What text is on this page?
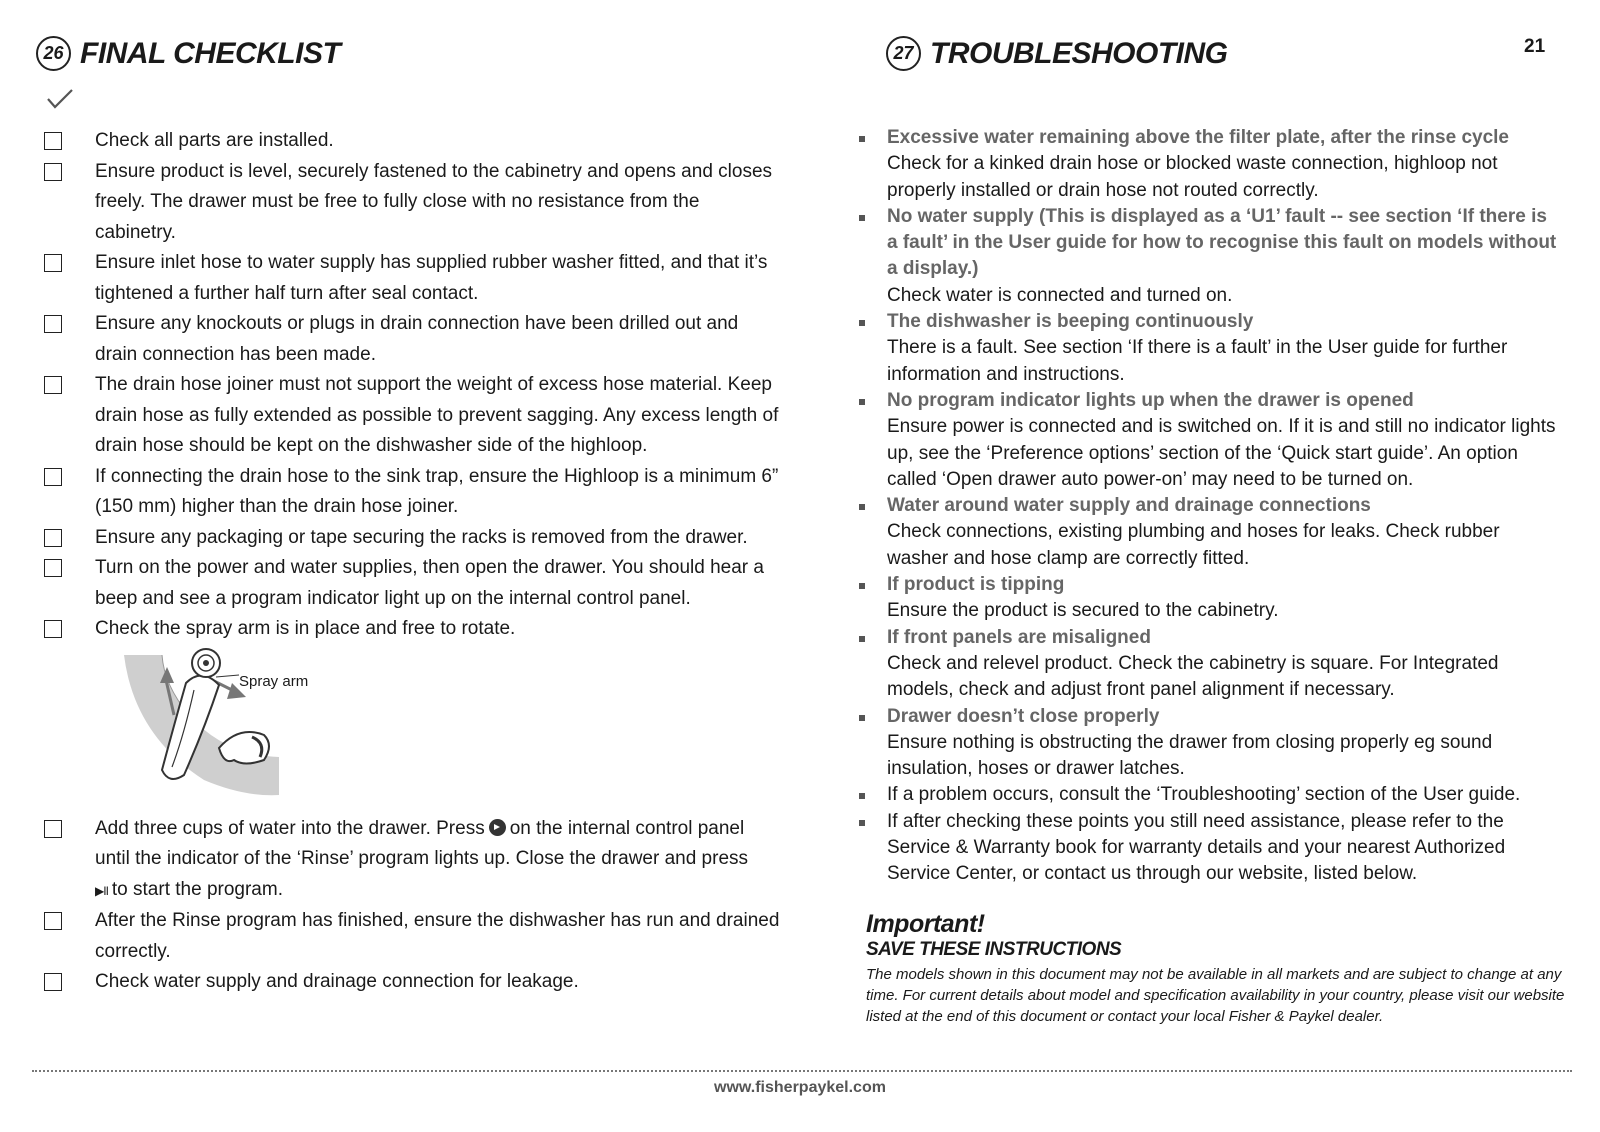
21
26 FINAL CHECKLIST
Check all parts are installed.
Ensure product is level, securely fastened to the cabinetry and opens and closes freely. The drawer must be free to fully close with no resistance from the cabinetry.
Ensure inlet hose to water supply has supplied rubber washer fitted, and that it’s tightened a further half turn after seal contact.
Ensure any knockouts or plugs in drain connection have been drilled out and drain connection has been made.
The drain hose joiner must not support the weight of excess hose material. Keep drain hose as fully extended as possible to prevent sagging. Any excess length of drain hose should be kept on the dishwasher side of the highloop.
If connecting the drain hose to the sink trap, ensure the Highloop is a minimum 6” (150 mm) higher than the drain hose joiner.
Ensure any packaging or tape securing the racks is removed from the drawer.
Turn on the power and water supplies, then open the drawer. You should hear a beep and see a program indicator light up on the internal control panel.
Check the spray arm is in place and free to rotate.
Spray arm
Add three cups of water into the drawer. Press on the internal control panel until the indicator of the ‘Rinse’ program lights up. Close the drawer and press
▶II to start the program.
After the Rinse program has finished, ensure the dishwasher has run and drained correctly.
Check water supply and drainage connection for leakage.
27 TROUBLESHOOTING
Excessive water remaining above the filter plate, after the rinse cycle
Check for a kinked drain hose or blocked waste connection, highloop not properly installed or drain hose not routed correctly.
No water supply (This is displayed as a ‘U1’ fault -- see section ‘If there is a fault’ in the User guide for how to recognise this fault on models without a display.)
Check water is connected and turned on.
The dishwasher is beeping continuously
There is a fault. See section ‘If there is a fault’ in the User guide for further information and instructions.
No program indicator lights up when the drawer is opened
Ensure power is connected and is switched on. If it is and still no indicator lights up, see the ‘Preference options’ section of the ‘Quick start guide’. An option called ‘Open drawer auto power-on’ may need to be turned on.
Water around water supply and drainage connections
Check connections, existing plumbing and hoses for leaks. Check rubber washer and hose clamp are correctly fitted.
If product is tipping
Ensure the product is secured to the cabinetry.
If front panels are misaligned
Check and relevel product. Check the cabinetry is square. For Integrated models, check and adjust front panel alignment if necessary.
Drawer doesn’t close properly
Ensure nothing is obstructing the drawer from closing properly eg sound insulation, hoses or drawer latches.
If a problem occurs, consult the ‘Troubleshooting’ section of the User guide.
If after checking these points you still need assistance, please refer to the Service & Warranty book for warranty details and your nearest Authorized Service Center, or contact us through our website, listed below.
Important!
SAVE THESE INSTRUCTIONS
The models shown in this document may not be available in all markets and are subject to change at any time. For current details about model and specification availability in your country, please visit our website listed at the end of this document or contact your local Fisher & Paykel dealer.
www.fisherpaykel.com
